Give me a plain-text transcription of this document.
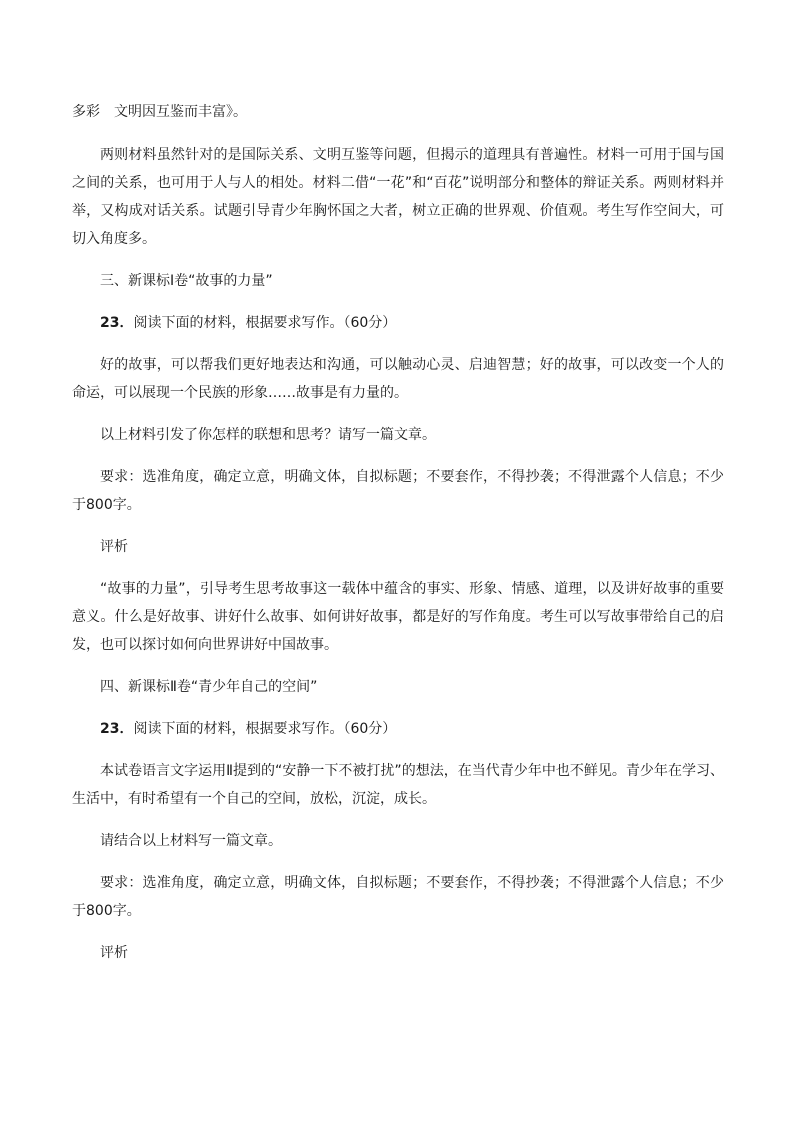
多彩　文明因互鉴而丰富》。

两则材料虽然针对的是国际关系、文明互鉴等问题，但揭示的道理具有普遍性。材料一可用于国与国之间的关系，也可用于人与人的相处。材料二借“一花”和“百花”说明部分和整体的辩证关系。两则材料并举，又构成对话关系。试题引导青少年胸怀国之大者，树立正确的世界观、价值观。考生写作空间大，可切入角度多。

三、新课标Ⅰ卷“故事的力量”

23．阅读下面的材料，根据要求写作。（60分）

好的故事，可以帮我们更好地表达和沟通，可以触动心灵、启迪智慧；好的故事，可以改变一个人的命运，可以展现一个民族的形象……故事是有力量的。

以上材料引发了你怎样的联想和思考？请写一篇文章。

要求：选准角度，确定立意，明确文体，自拟标题；不要套作，不得抄袭；不得泄露个人信息；不少于800字。

评析

“故事的力量”，引导考生思考故事这一载体中蕴含的事实、形象、情感、道理，以及讲好故事的重要意义。什么是好故事、讲好什么故事、如何讲好故事，都是好的写作角度。考生可以写故事带给自己的启发，也可以探讨如何向世界讲好中国故事。

四、新课标Ⅱ卷“青少年自己的空间”

23．阅读下面的材料，根据要求写作。（60分）

本试卷语言文字运用Ⅱ提到的“安静一下不被打扰”的想法，在当代青少年中也不鲜见。青少年在学习、生活中，有时希望有一个自己的空间，放松，沉淀，成长。

请结合以上材料写一篇文章。

要求：选准角度，确定立意，明确文体，自拟标题；不要套作，不得抄袭；不得泄露个人信息；不少于800字。

评析
